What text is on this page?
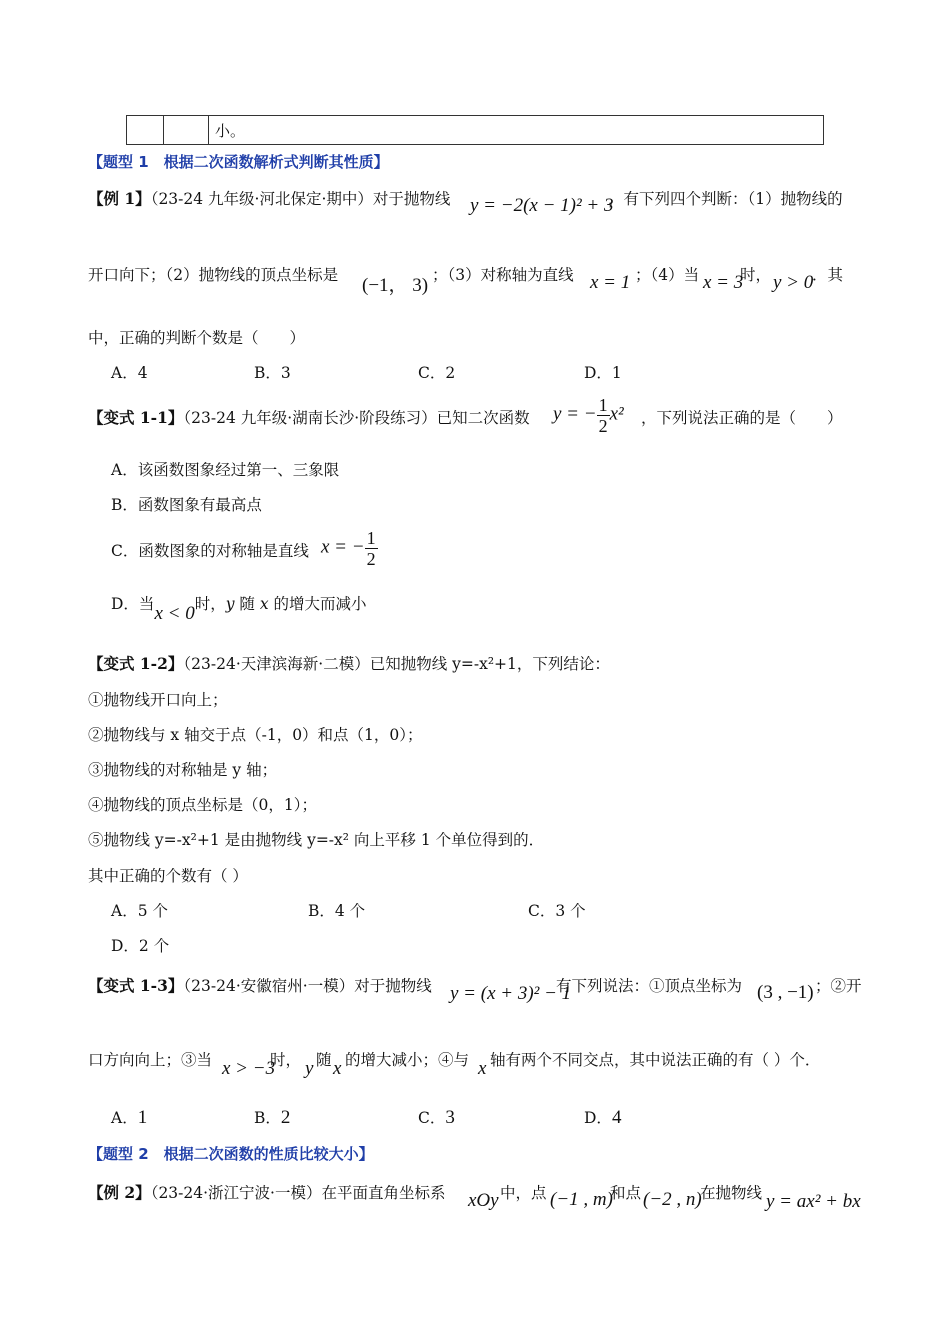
		小。
【题型 1　根据二次函数解析式判断其性质】
【例 1】（23-24 九年级·河北保定·期中）对于抛物线 y = −2(x − 1)² + 3
，有下列四个判断：（1）抛物线的
开口向下；（2）抛物线的顶点坐标是 (−1， 3) ；（3）对称轴为直线 x = 1 ；（4）当 x = 3
时， y > 0
．其
中，正确的判断个数是（　　）
A．4	B．3	C．2	D．1
【变式 1-1】（23-24 九年级·湖南长沙·阶段练习）已知二次函数 y = − $\frac{1}{2} x^2$ ，下列说法正确的是（　　）
A．该函数图象经过第一、三象限
B．函数图象有最高点
C．函数图象的对称轴是直线 x = − $\frac{1}{2}$
D．当x < 0时，y 随 x 的增大而减小
【变式 1-2】（23-24·天津滨海新·二模）已知抛物线 y=-x²+1，下列结论：
①抛物线开口向上；
②抛物线与 x 轴交于点（-1，0）和点（1，0）；
③抛物线的对称轴是 y 轴；
④抛物线的顶点坐标是（0，1）；
⑤抛物线 y=-x²+1 是由抛物线 y=-x² 向上平移 1 个单位得到的．
其中正确的个数有（ ）
A．5 个	B．4 个	C．3 个
D．2 个
【变式 1-3】（23-24·安徽宿州·一模）对于抛物线 y = (x + 3)² − 1
有下列说法：①顶点坐标为 (3 , −1) ；②开
口方向向上；③当 x > −3
时， y 随 x 的增大减小；④与 x 轴有两个不同交点，其中说法正确的有（ ）个．
A．1	B．2	C．3	D．4
【题型 2　根据二次函数的性质比较大小】
【例 2】（23-24·浙江宁波·一模）在平面直角坐标系 xOy 中，点 (−1 , m)
和点 (−2 , n)
在抛物线 y = ax² + bx
